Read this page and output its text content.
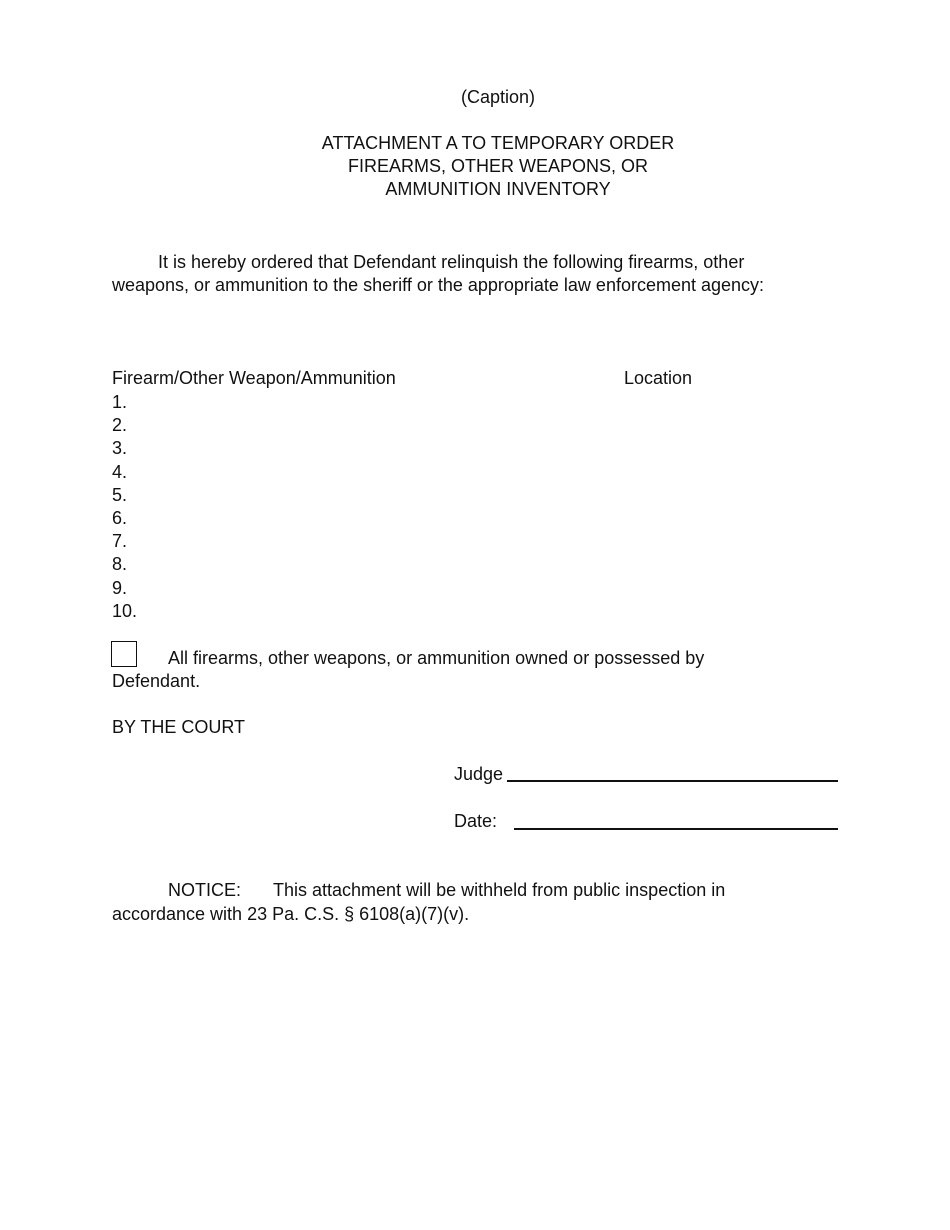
(Caption)
ATTACHMENT A TO TEMPORARY ORDER
FIREARMS, OTHER WEAPONS, OR
AMMUNITION INVENTORY
It is hereby ordered that Defendant relinquish the following firearms, other
weapons, or ammunition to the sheriff or the appropriate law enforcement agency:
Firearm/Other Weapon/Ammunition	Location
1.
2.
3.
4.
5.
6.
7.
8.
9.
10.
All firearms, other weapons, or ammunition owned or possessed by
Defendant.
BY THE COURT
Judge
Date:
NOTICE: This attachment will be withheld from public inspection in
accordance with 23 Pa. C.S. § 6108(a)(7)(v).
